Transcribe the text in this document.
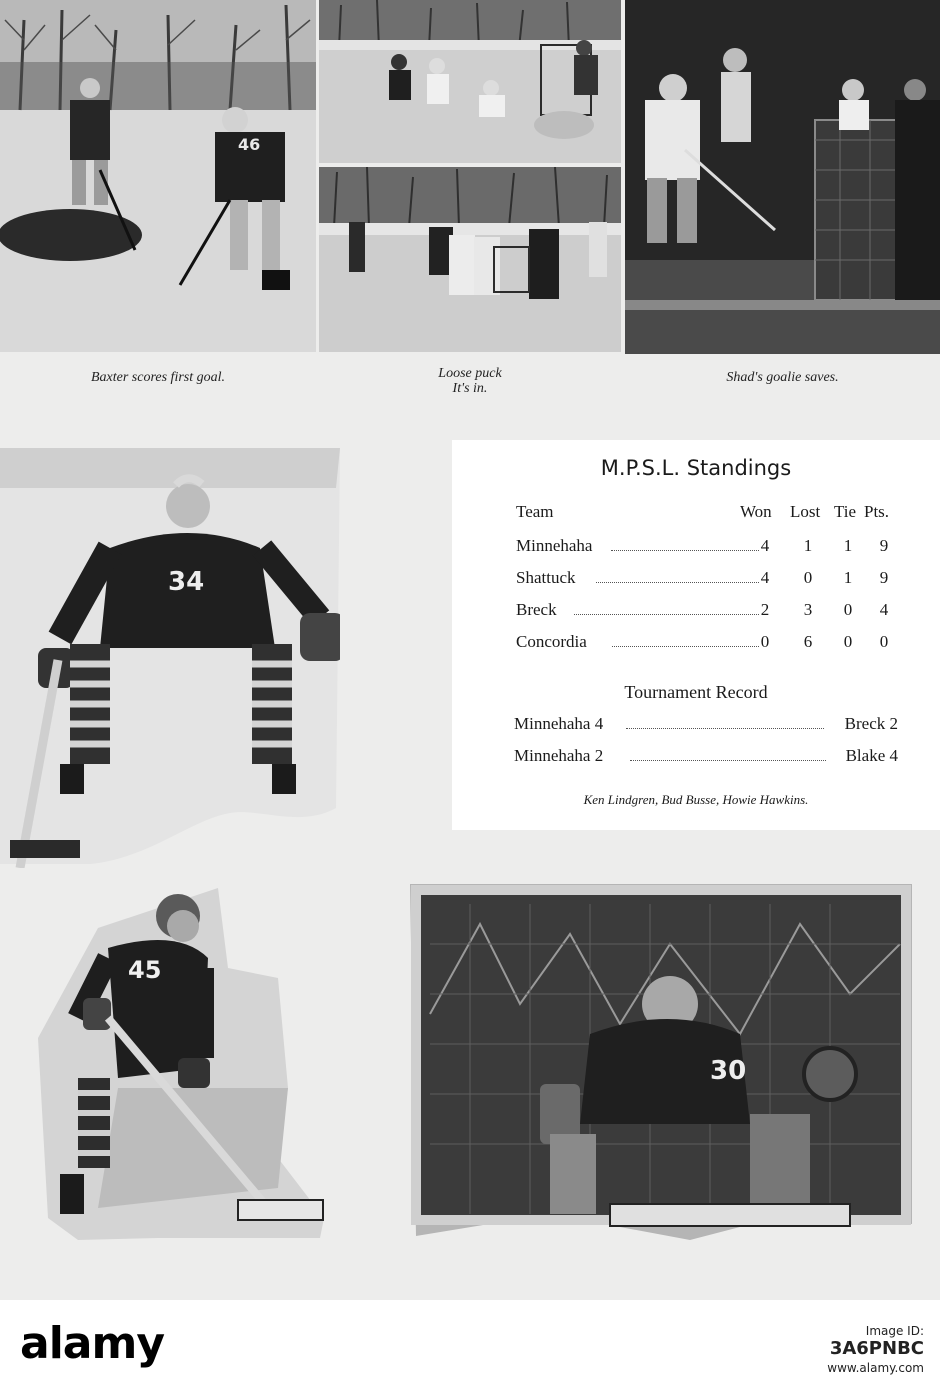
46
Baxter scores first goal.	Loose puck
It's in.
Shad's goalie saves.
34
M.P.S.L. Standings
Team	Won Lost Tie Pts.
Minnehaha	4	1	1	9
Shattuck	4	0	1	9
Breck	2	3	0	4
Concordia	0	6	0	0
Tournament Record
Minnehaha 4	Breck 2
Minnehaha 2	Blake 4
Ken Lindgren, Bud Busse, Howie Hawkins.
45
30
alamy	Image ID:
3A6PNBC
www.alamy.com
